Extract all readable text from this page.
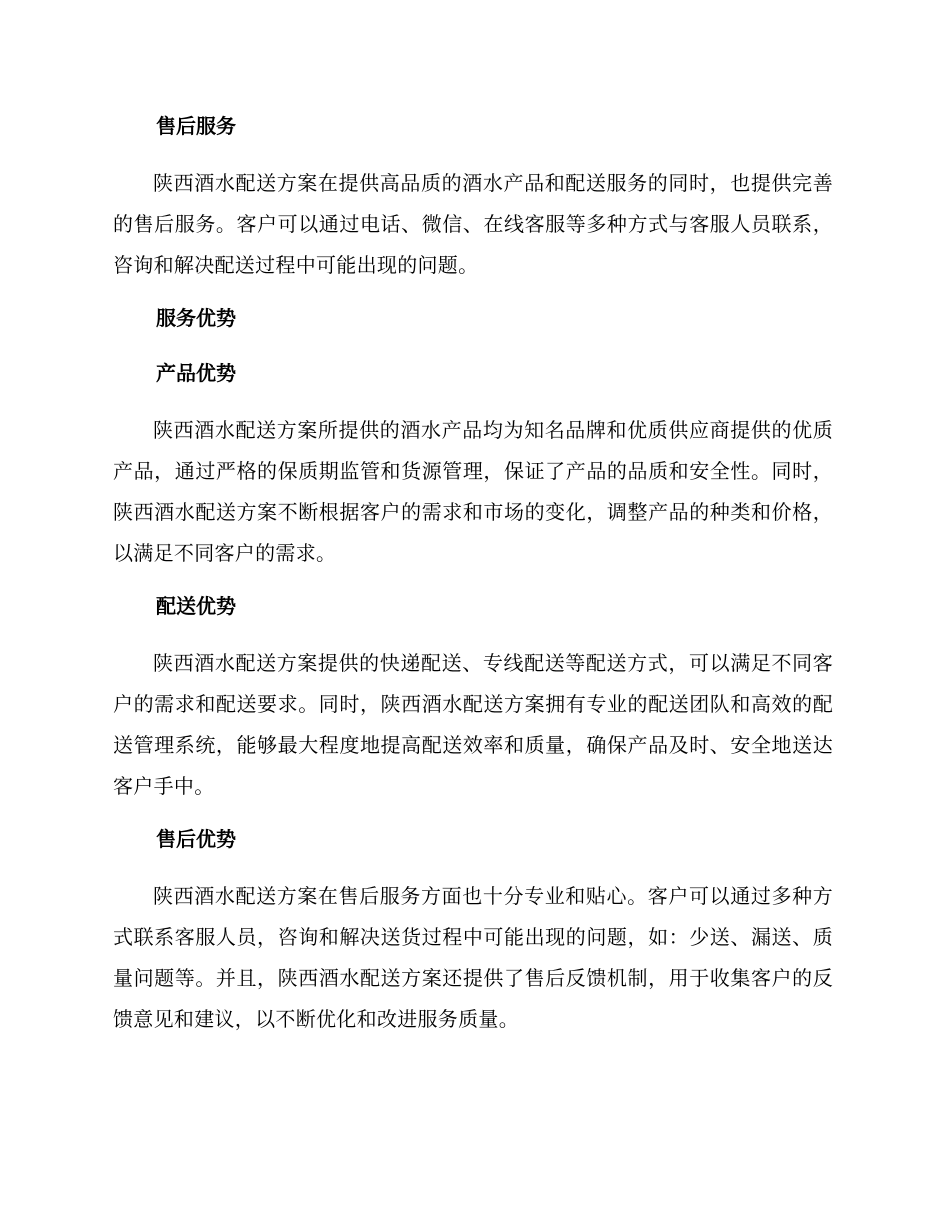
售后服务

陕西酒水配送方案在提供高品质的酒水产品和配送服务的同时，也提供完善的售后服务。客户可以通过电话、微信、在线客服等多种方式与客服人员联系，咨询和解决配送过程中可能出现的问题。

服务优势
产品优势

陕西酒水配送方案所提供的酒水产品均为知名品牌和优质供应商提供的优质产品，通过严格的保质期监管和货源管理，保证了产品的品质和安全性。同时，陕西酒水配送方案不断根据客户的需求和市场的变化，调整产品的种类和价格，以满足不同客户的需求。

配送优势

陕西酒水配送方案提供的快递配送、专线配送等配送方式，可以满足不同客户的需求和配送要求。同时，陕西酒水配送方案拥有专业的配送团队和高效的配送管理系统，能够最大程度地提高配送效率和质量，确保产品及时、安全地送达客户手中。

售后优势

陕西酒水配送方案在售后服务方面也十分专业和贴心。客户可以通过多种方式联系客服人员，咨询和解决送货过程中可能出现的问题，如：少送、漏送、质量问题等。并且，陕西酒水配送方案还提供了售后反馈机制，用于收集客户的反馈意见和建议，以不断优化和改进服务质量。
